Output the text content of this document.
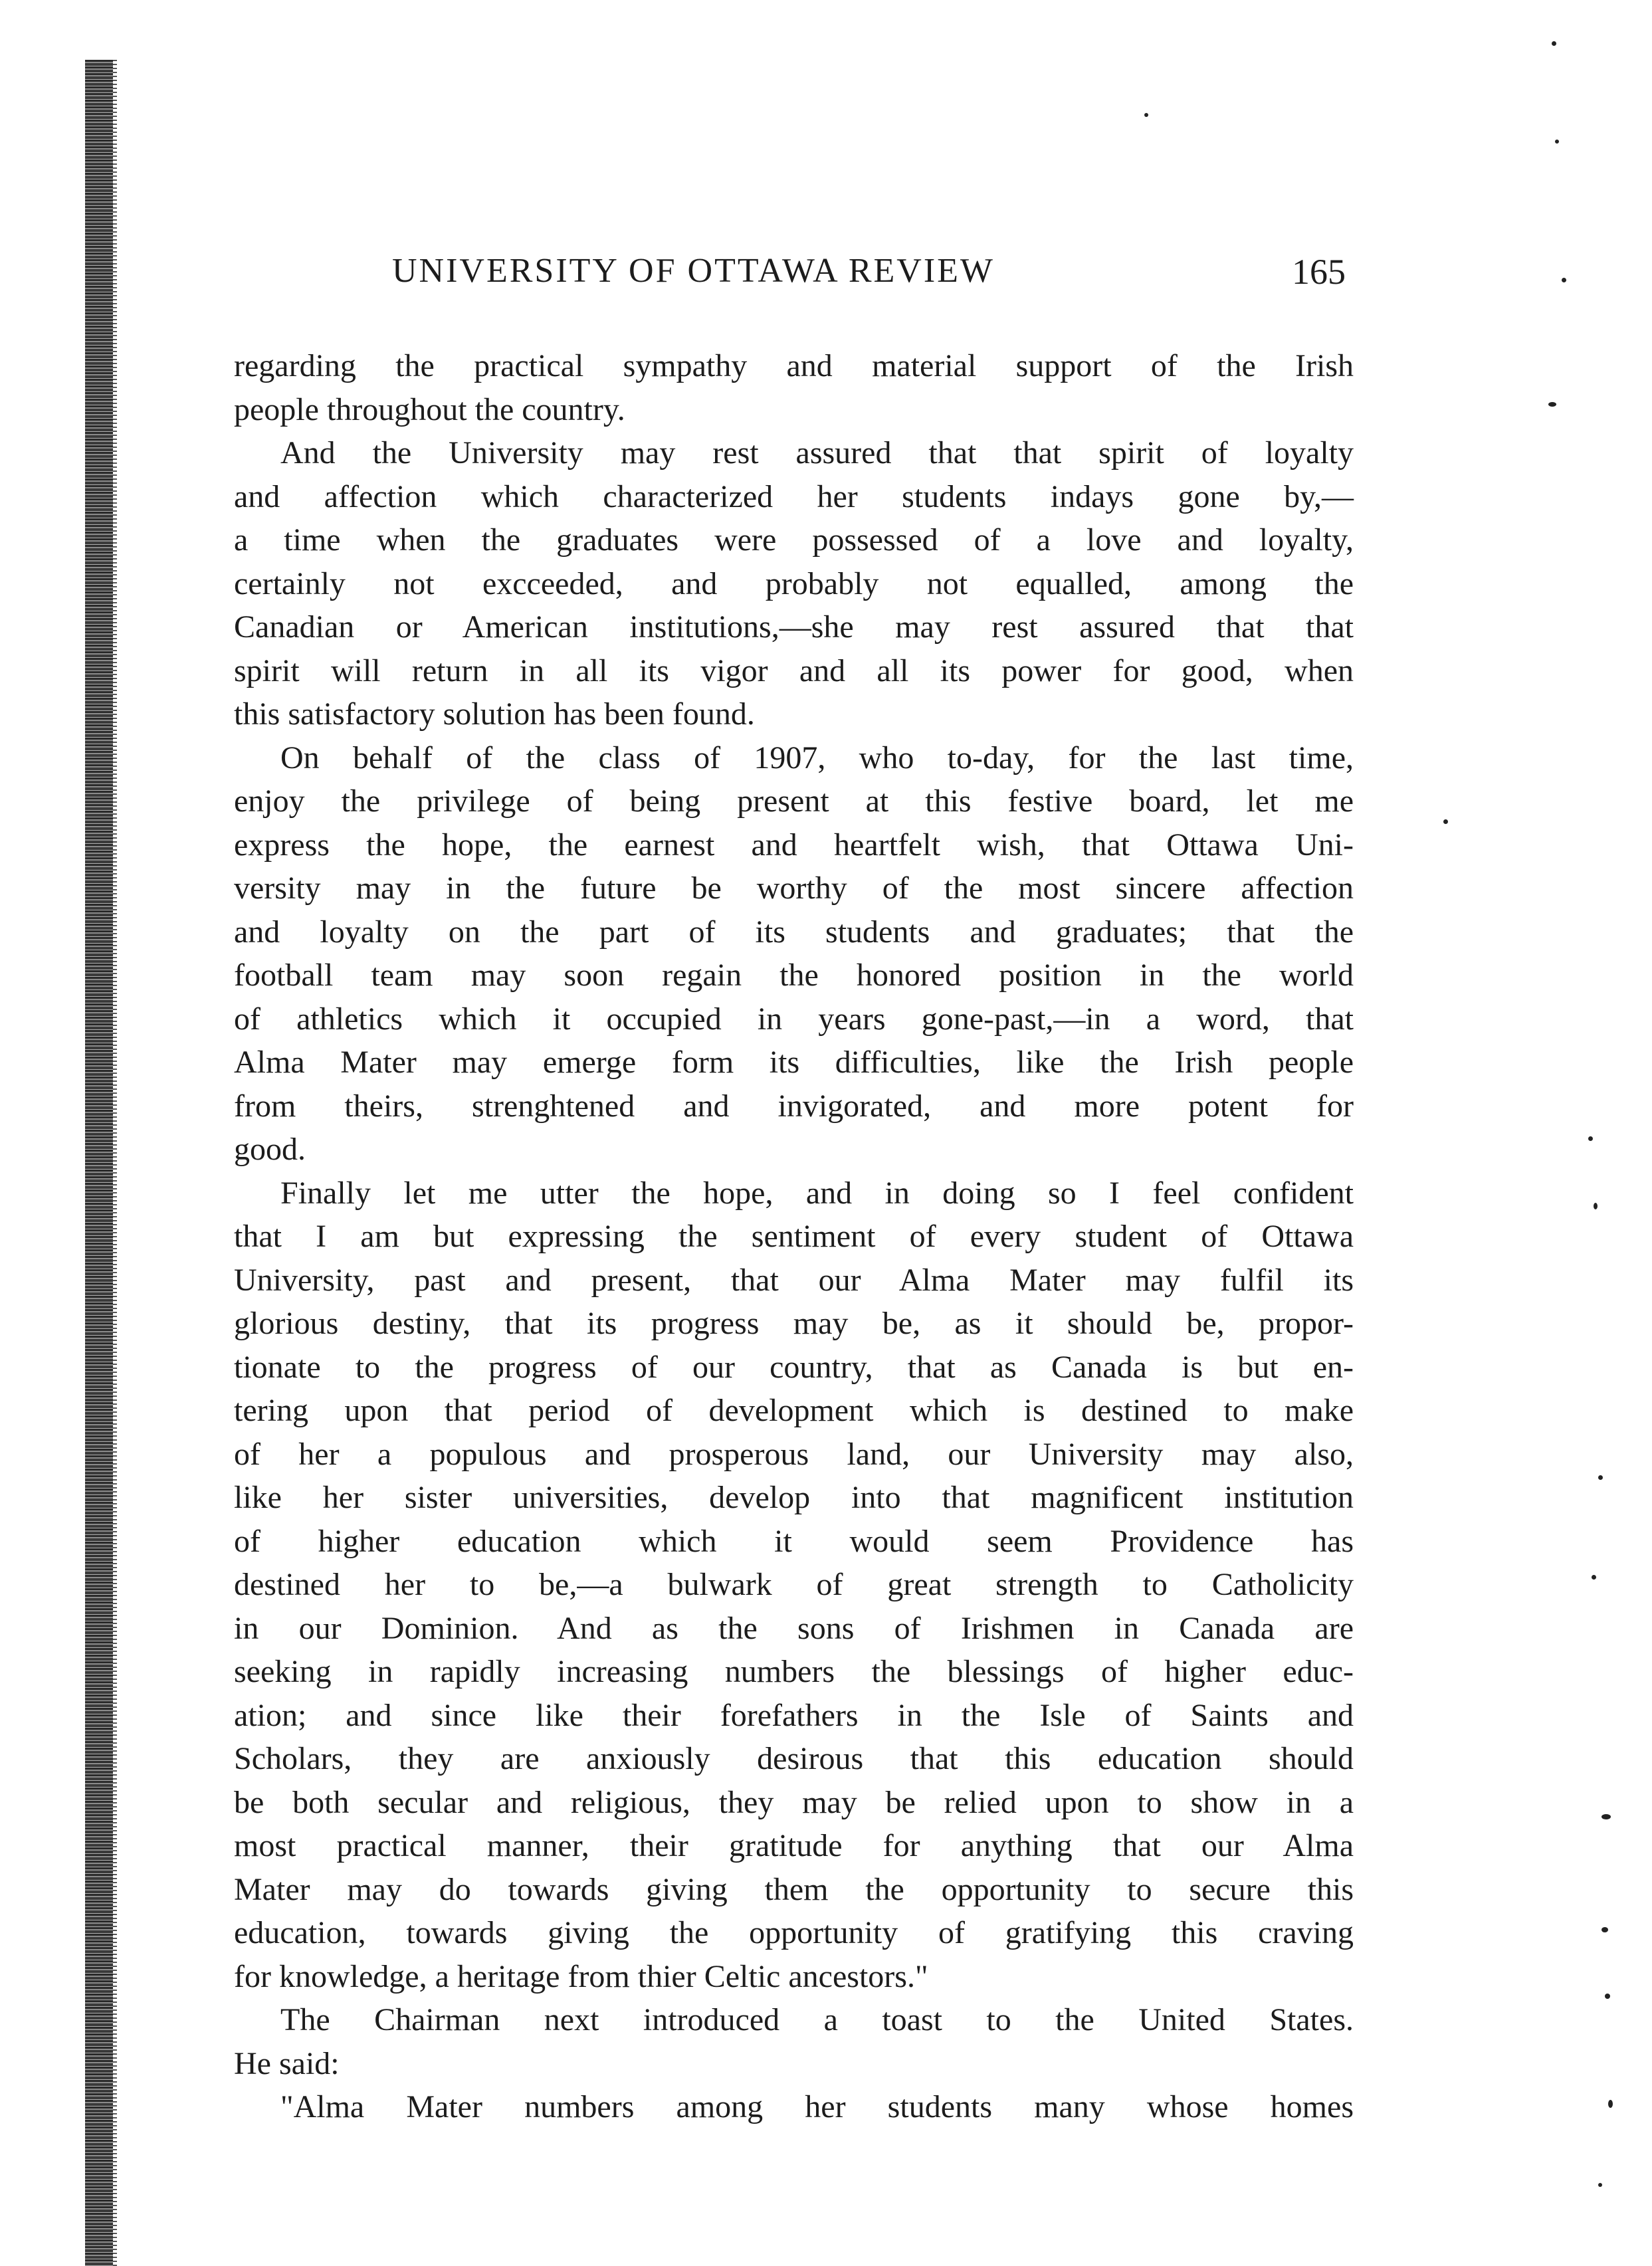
UNIVERSITY OF OTTAWA REVIEW	165
regarding the practical sympathy and material support of the Irish
people throughout the country.
And the University may rest assured that that spirit of loyalty
and affection which characterized her students indays gone by,—
a time when the graduates were possessed of a love and loyalty,
certainly not excceeded, and probably not equalled, among the
Canadian or American institutions,—she may rest assured that that
spirit will return in all its vigor and all its power for good, when
this satisfactory solution has been found.
On behalf of the class of 1907, who to-day, for the last time,
enjoy the privilege of being present at this festive board, let me
express the hope, the earnest and heartfelt wish, that Ottawa Uni-
versity may in the future be worthy of the most sincere affection
and loyalty on the part of its students and graduates; that the
football team may soon regain the honored position in the world
of athletics which it occupied in years gone-past,—in a word, that
Alma Mater may emerge form its difficulties, like the Irish people
from theirs, strenghtened and invigorated, and more potent for
good.
Finally let me utter the hope, and in doing so I feel confident
that I am but expressing the sentiment of every student of Ottawa
University, past and present, that our Alma Mater may fulfil its
glorious destiny, that its progress may be, as it should be, propor-
tionate to the progress of our country, that as Canada is but en-
tering upon that period of development which is destined to make
of her a populous and prosperous land, our University may also,
like her sister universities, develop into that magnificent institution
of higher education which it would seem Providence has
destined her to be,—a bulwark of great strength to Catholicity
in our Dominion. And as the sons of Irishmen in Canada are
seeking in rapidly increasing numbers the blessings of higher educ-
ation; and since like their forefathers in the Isle of Saints and
Scholars, they are anxiously desirous that this education should
be both secular and religious, they may be relied upon to show in a
most practical manner, their gratitude for anything that our Alma
Mater may do towards giving them the opportunity to secure this
education, towards giving the opportunity of gratifying this craving
for knowledge, a heritage from thier Celtic ancestors."
The Chairman next introduced a toast to the United States.
He said:
"Alma Mater numbers among her students many whose homes
